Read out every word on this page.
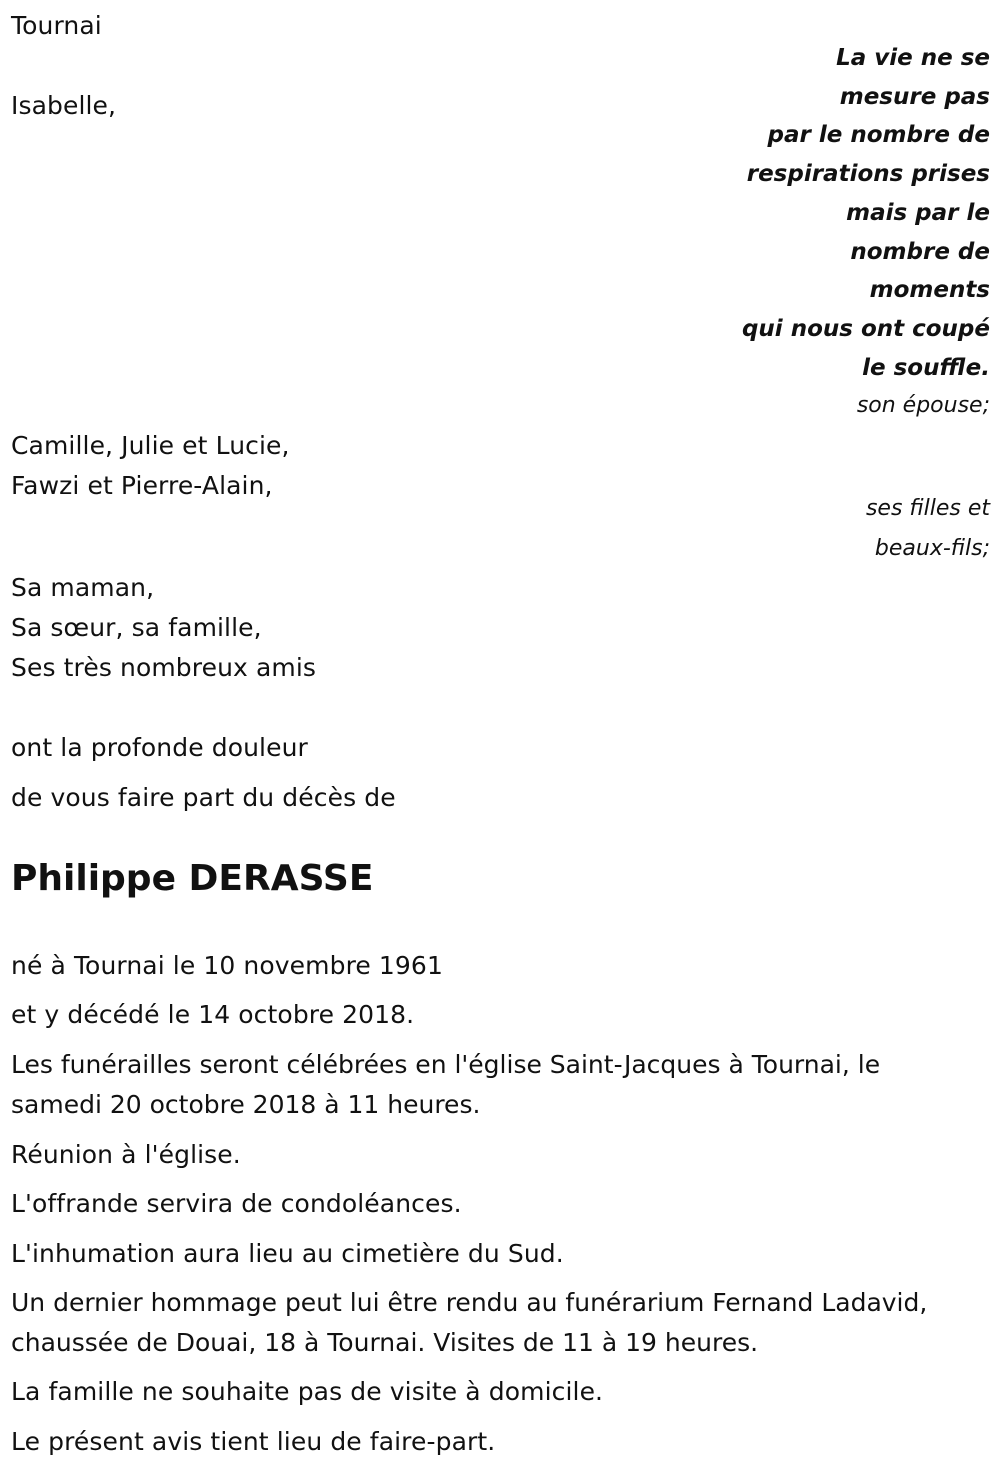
Tournai
Isabelle,
La vie ne se
mesure pas
par le nombre de
respirations prises
mais par le
nombre de
moments
qui nous ont coupé
le souffle.
son épouse;
Camille, Julie et Lucie,
Fawzi et Pierre-Alain,
ses filles et
beaux-fils;
Sa maman,
Sa sœur, sa famille,
Ses très nombreux amis
ont la profonde douleur
de vous faire part du décès de
Philippe DERASSE
né à Tournai le 10 novembre 1961
et y décédé le 14 octobre 2018.
Les funérailles seront célébrées en l'église Saint-Jacques à Tournai, le samedi 20 octobre 2018 à 11 heures.
Réunion à l'église.
L'offrande servira de condoléances.
L'inhumation aura lieu au cimetière du Sud.
Un dernier hommage peut lui être rendu au funérarium Fernand Ladavid, chaussée de Douai, 18 à Tournai. Visites de 11 à 19 heures.
La famille ne souhaite pas de visite à domicile.
Le présent avis tient lieu de faire-part.
